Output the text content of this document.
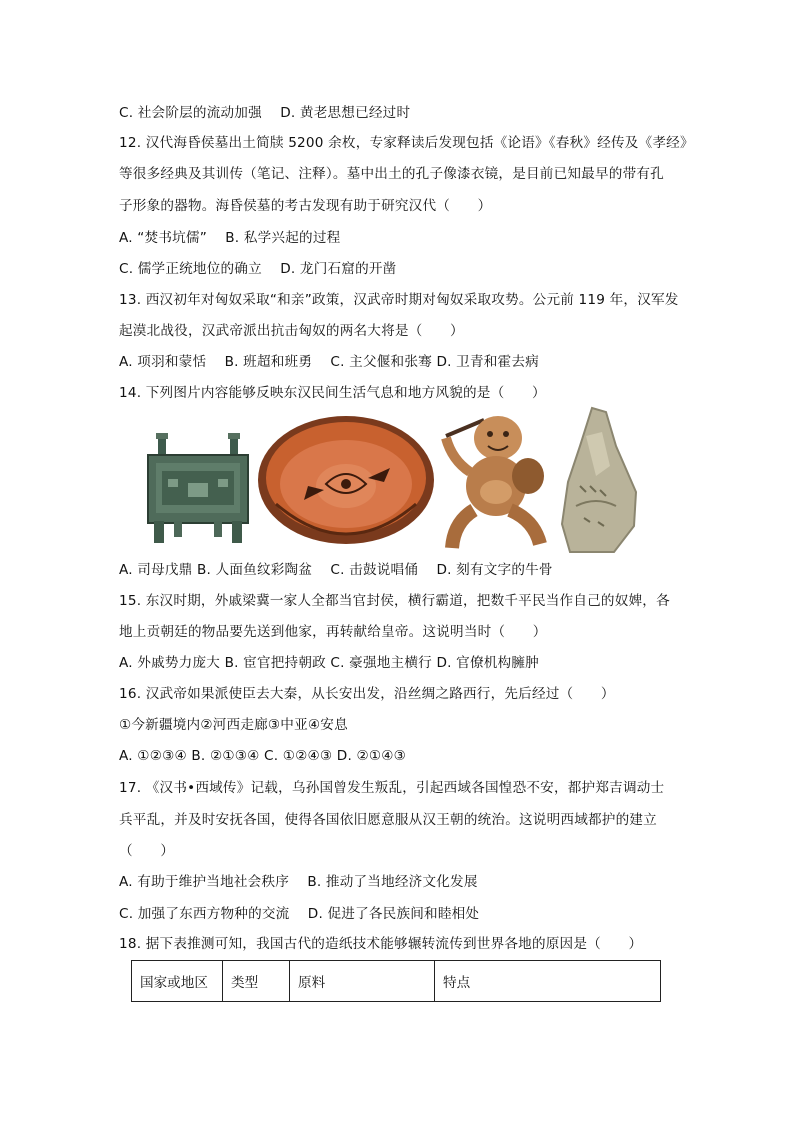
C. 社会阶层的流动加强　 D. 黄老思想已经过时
12. 汉代海昏侯墓出土简牍 5200 余枚，专家释读后发现包括《论语》《春秋》经传及《孝经》
等很多经典及其训传（笔记、注释）。墓中出土的孔子像漆衣镜，是目前已知最早的带有孔
子形象的器物。海昏侯墓的考古发现有助于研究汉代（　　）
A. “焚书坑儒”　 B. 私学兴起的过程
C. 儒学正统地位的确立　 D. 龙门石窟的开凿
13. 西汉初年对匈奴采取“和亲”政策，汉武帝时期对匈奴采取攻势。公元前 119 年，汉军发
起漠北战役，汉武帝派出抗击匈奴的两名大将是（　　）
A. 项羽和蒙恬　 B. 班超和班勇　 C. 主父偃和张骞 D. 卫青和霍去病
14. 下列图片内容能够反映东汉民间生活气息和地方风貌的是（　　）
A. 司母戊鼎 B. 人面鱼纹彩陶盆　 C. 击鼓说唱俑　 D. 刻有文字的牛骨
15. 东汉时期，外戚梁冀一家人全都当官封侯，横行霸道，把数千平民当作自己的奴婢，各
地上贡朝廷的物品要先送到他家，再转献给皇帝。这说明当时（　　）
A. 外戚势力庞大 B. 宦官把持朝政 C. 豪强地主横行 D. 官僚机构臃肿
16. 汉武帝如果派使臣去大秦，从长安出发，沿丝绸之路西行，先后经过（　　）
①今新疆境内②河西走廊③中亚④安息
A. ①②③④ B. ②①③④ C. ①②④③ D. ②①④③
17. 《汉书•西域传》记载，乌孙国曾发生叛乱，引起西域各国惶恐不安，都护郑吉调动士
兵平乱，并及时安抚各国，使得各国依旧愿意服从汉王朝的统治。这说明西域都护的建立
（　　）
A. 有助于维护当地社会秩序　 B. 推动了当地经济文化发展
C. 加强了东西方物种的交流　 D. 促进了各民族间和睦相处
18. 据下表推测可知，我国古代的造纸技术能够辗转流传到世界各地的原因是（　　）
国家或地区	类型	原料	特点
